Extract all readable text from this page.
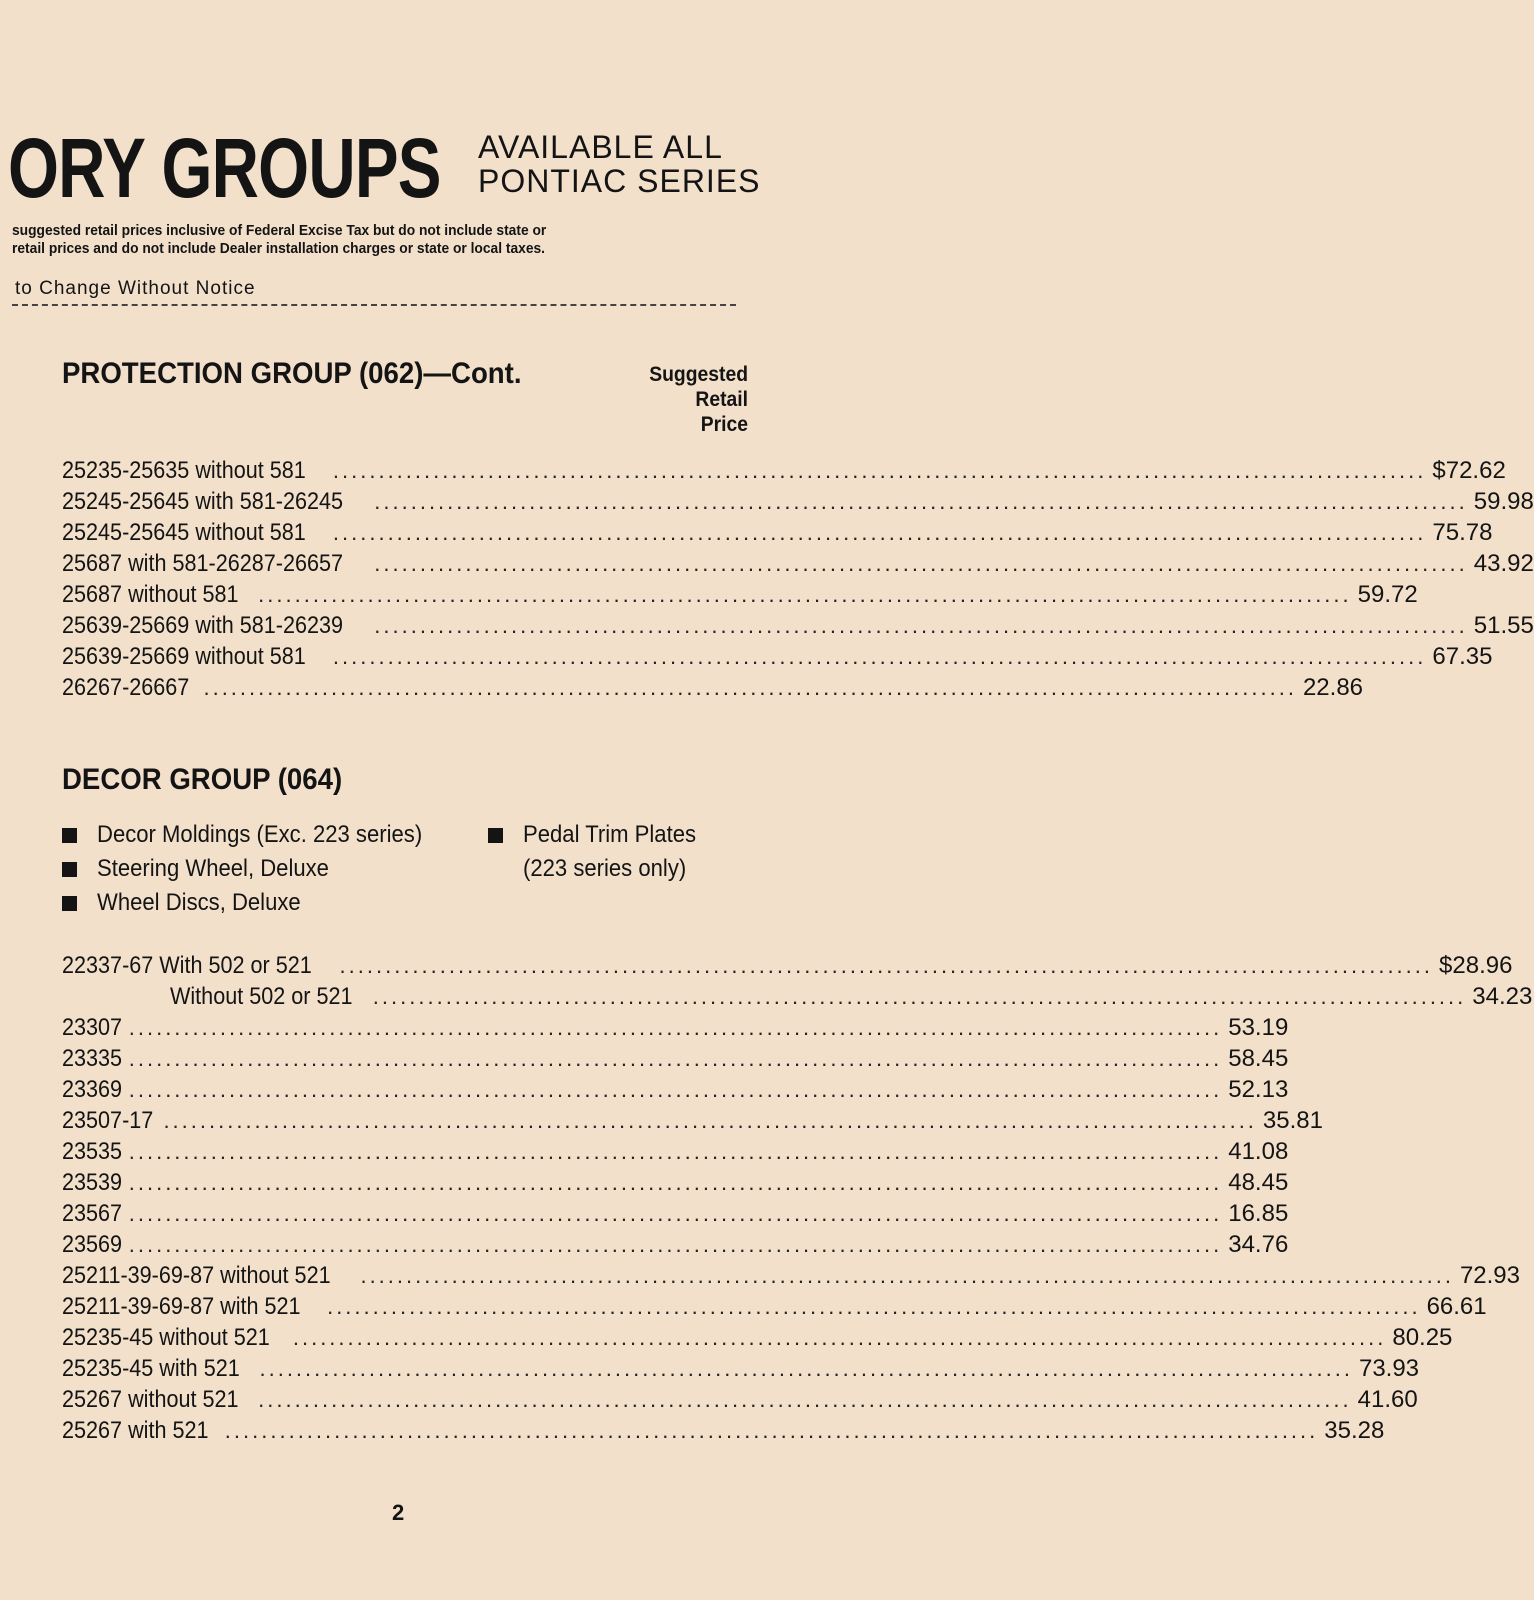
ORY GROUPS AVAILABLE ALL
PONTIAC SERIES
suggested retail prices inclusive of Federal Excise Tax but do not include state or
retail prices and do not include Dealer installation charges or state or local taxes.
to Change Without Notice
PROTECTION GROUP (062)—Cont.	Suggested
Retail
Price
25235-25635 without 581 ........................................................................................................................ $ 72.62
25245-25645 with 581-26245 ........................................................................................................................ 59.98
25245-25645 without 581 ........................................................................................................................ 75.78
25687 with 581-26287-26657 ........................................................................................................................ 43.92
25687 without 581 ........................................................................................................................ 59.72
25639-25669 with 581-26239 ........................................................................................................................ 51.55
25639-25669 without 581 ........................................................................................................................ 67.35
26267-26667 ........................................................................................................................ 22.86
DECOR GROUP (064)
Decor Moldings (Exc. 223 series)
Steering Wheel, Deluxe
Wheel Discs, Deluxe
Pedal Trim Plates
(223 series only)
22337-67 With 502 or 521 ........................................................................................................................ $ 28.96
Without 502 or 521 ........................................................................................................................ 34.23
23307 ........................................................................................................................ 53.19
23335 ........................................................................................................................ 58.45
23369 ........................................................................................................................ 52.13
23507-17 ........................................................................................................................ 35.81
23535 ........................................................................................................................ 41.08
23539 ........................................................................................................................ 48.45
23567 ........................................................................................................................ 16.85
23569 ........................................................................................................................ 34.76
25211-39-69-87 without 521 ........................................................................................................................ 72.93
25211-39-69-87 with 521 ........................................................................................................................ 66.61
25235-45 without 521 ........................................................................................................................ 80.25
25235-45 with 521 ........................................................................................................................ 73.93
25267 without 521 ........................................................................................................................ 41.60
25267 with 521 ........................................................................................................................ 35.28
2
